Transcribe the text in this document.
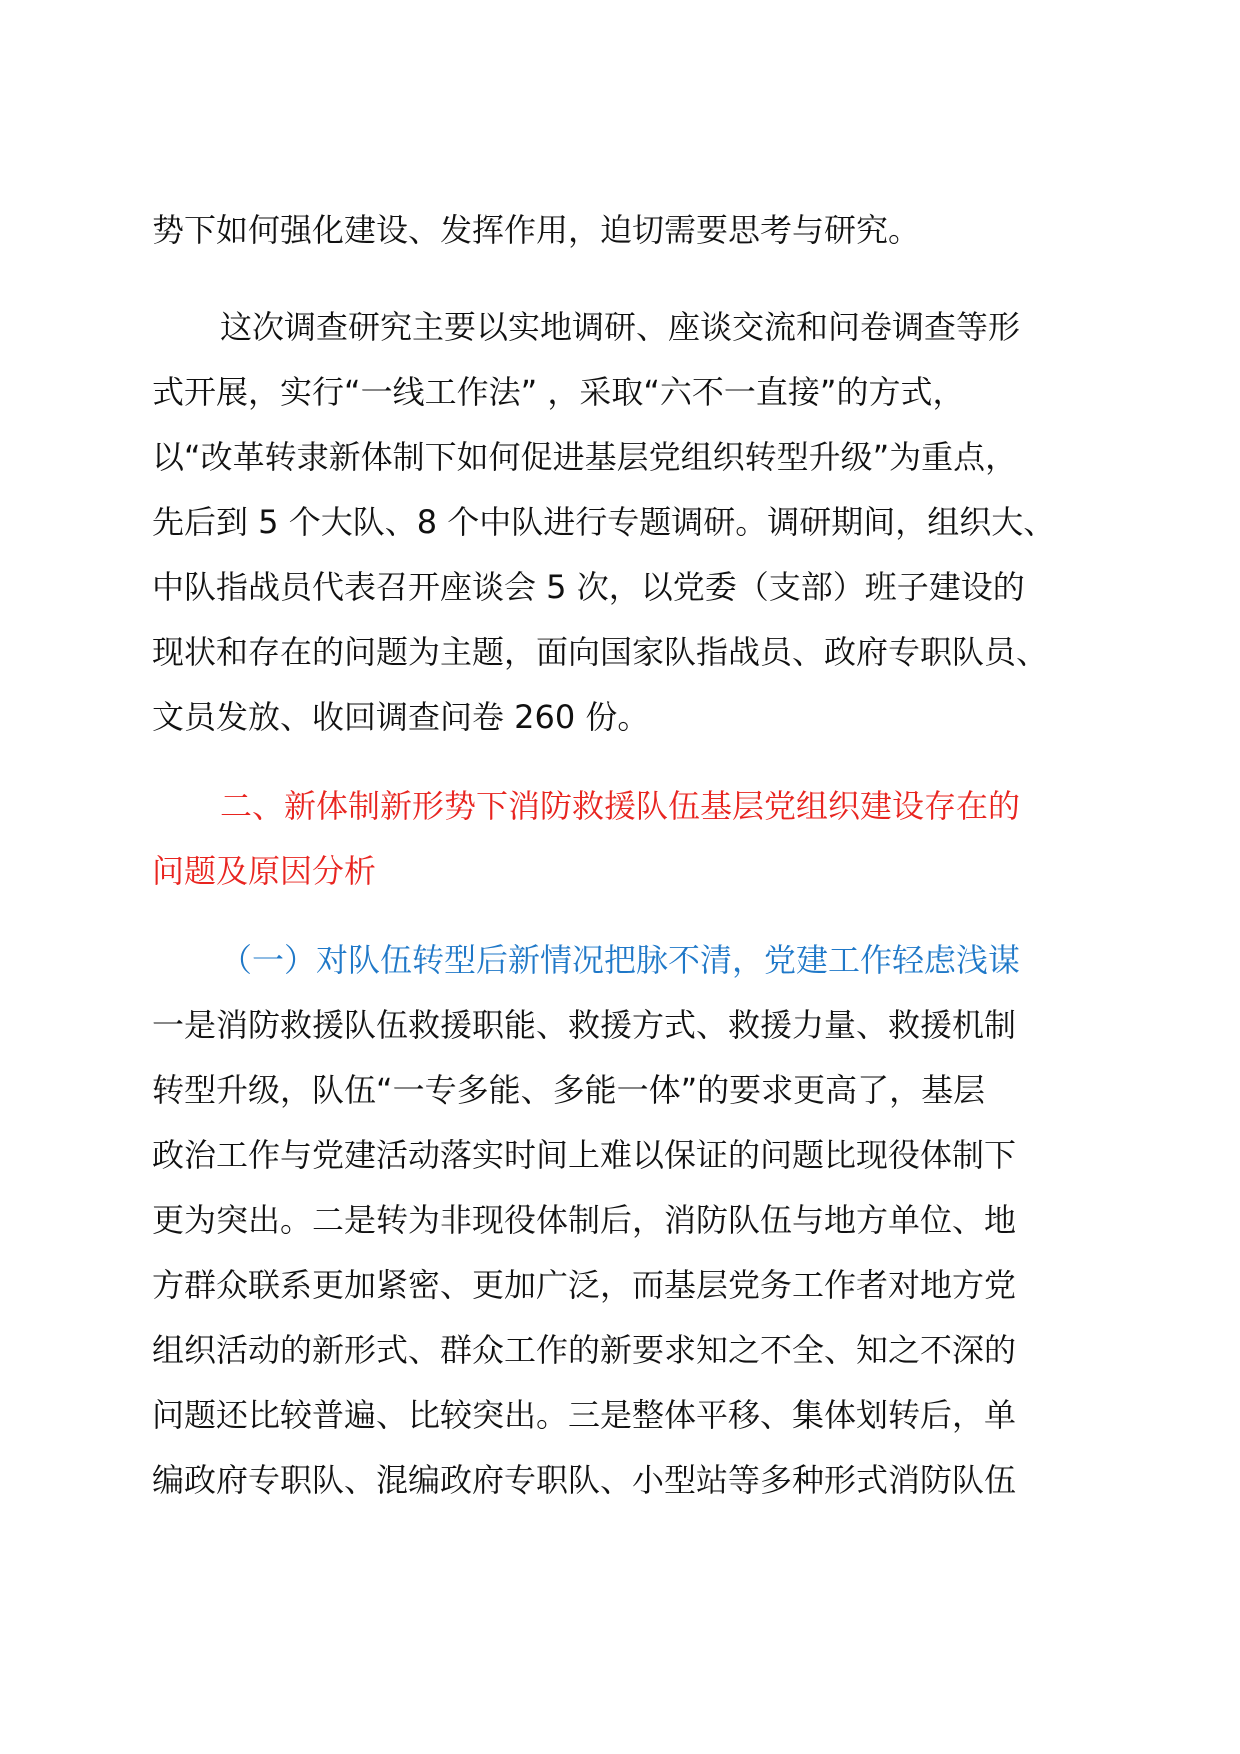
势下如何强化建设、发挥作用，迫切需要思考与研究。

这次调查研究主要以实地调研、座谈交流和问卷调查等形

式开展，实行“一线工作法” ，采取“六不一直接”的方式，

以“改革转隶新体制下如何促进基层党组织转型升级”为重点，

先后到 5 个大队、8 个中队进行专题调研。调研期间，组织大、

中队指战员代表召开座谈会 5 次，以党委（支部）班子建设的

现状和存在的问题为主题，面向国家队指战员、政府专职队员、

文员发放、收回调查问卷 260 份。

二、新体制新形势下消防救援队伍基层党组织建设存在的

问题及原因分析

（一）对队伍转型后新情况把脉不清，党建工作轻虑浅谋

一是消防救援队伍救援职能、救援方式、救援力量、救援机制

转型升级，队伍“一专多能、多能一体”的要求更高了，基层

政治工作与党建活动落实时间上难以保证的问题比现役体制下

更为突出。二是转为非现役体制后，消防队伍与地方单位、地

方群众联系更加紧密、更加广泛，而基层党务工作者对地方党

组织活动的新形式、群众工作的新要求知之不全、知之不深的

问题还比较普遍、比较突出。三是整体平移、集体划转后，单

编政府专职队、混编政府专职队、小型站等多种形式消防队伍
